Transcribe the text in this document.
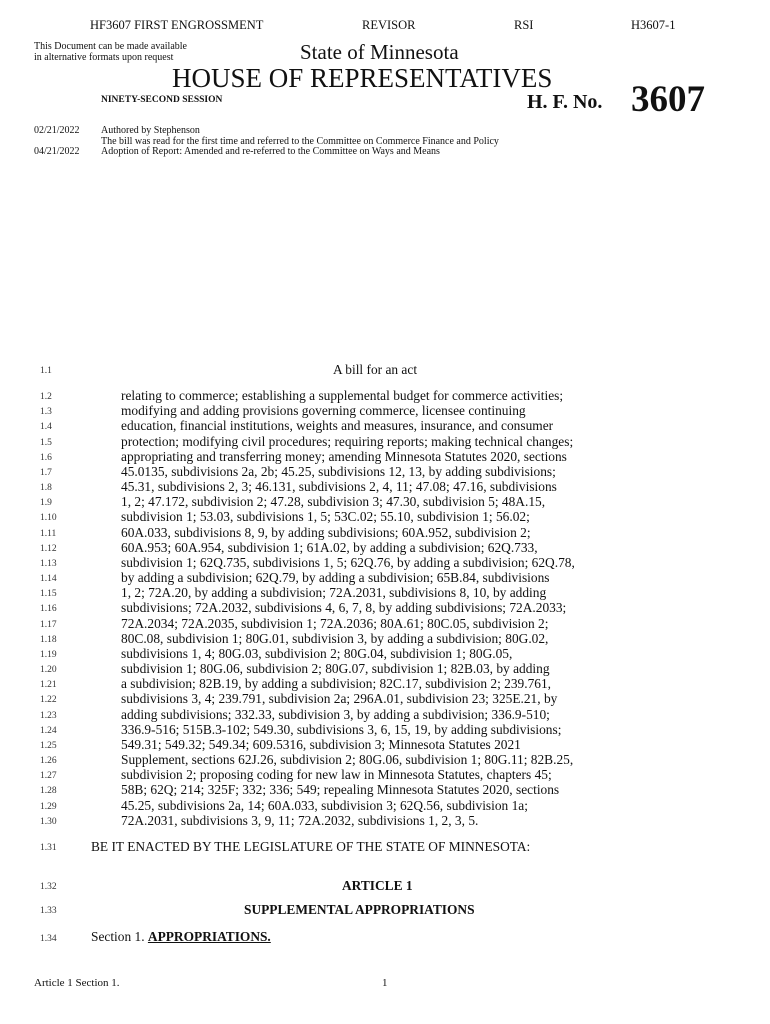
HF3607 FIRST ENGROSSMENT	REVISOR	RSI	H3607-1
This Document can be made available
in alternative formats upon request	State of Minnesota
HOUSE OF REPRESENTATIVES
NINETY-SECOND SESSION	H. F. No. 3607
02/21/2022 Authored by Stephenson
The bill was read for the first time and referred to the Committee on Commerce Finance and Policy
04/21/2022 Adoption of Report: Amended and re-referred to the Committee on Ways and Means
1.1	A bill for an act
1.2	relating to commerce; establishing a supplemental budget for commerce activities;
1.3	modifying and adding provisions governing commerce, licensee continuing
1.4	education, financial institutions, weights and measures, insurance, and consumer
1.5	protection; modifying civil procedures; requiring reports; making technical changes;
1.6	appropriating and transferring money; amending Minnesota Statutes 2020, sections
1.7	45.0135, subdivisions 2a, 2b; 45.25, subdivisions 12, 13, by adding subdivisions;
1.8	45.31, subdivisions 2, 3; 46.131, subdivisions 2, 4, 11; 47.08; 47.16, subdivisions
1.9	1, 2; 47.172, subdivision 2; 47.28, subdivision 3; 47.30, subdivision 5; 48A.15,
1.10	subdivision 1; 53.03, subdivisions 1, 5; 53C.02; 55.10, subdivision 1; 56.02;
1.11	60A.033, subdivisions 8, 9, by adding subdivisions; 60A.952, subdivision 2;
1.12	60A.953; 60A.954, subdivision 1; 61A.02, by adding a subdivision; 62Q.733,
1.13	subdivision 1; 62Q.735, subdivisions 1, 5; 62Q.76, by adding a subdivision; 62Q.78,
1.14	by adding a subdivision; 62Q.79, by adding a subdivision; 65B.84, subdivisions
1.15	1, 2; 72A.20, by adding a subdivision; 72A.2031, subdivisions 8, 10, by adding
1.16	subdivisions; 72A.2032, subdivisions 4, 6, 7, 8, by adding subdivisions; 72A.2033;
1.17	72A.2034; 72A.2035, subdivision 1; 72A.2036; 80A.61; 80C.05, subdivision 2;
1.18	80C.08, subdivision 1; 80G.01, subdivision 3, by adding a subdivision; 80G.02,
1.19	subdivisions 1, 4; 80G.03, subdivision 2; 80G.04, subdivision 1; 80G.05,
1.20	subdivision 1; 80G.06, subdivision 2; 80G.07, subdivision 1; 82B.03, by adding
1.21	a subdivision; 82B.19, by adding a subdivision; 82C.17, subdivision 2; 239.761,
1.22	subdivisions 3, 4; 239.791, subdivision 2a; 296A.01, subdivision 23; 325E.21, by
1.23	adding subdivisions; 332.33, subdivision 3, by adding a subdivision; 336.9-510;
1.24	336.9-516; 515B.3-102; 549.30, subdivisions 3, 6, 15, 19, by adding subdivisions;
1.25	549.31; 549.32; 549.34; 609.5316, subdivision 3; Minnesota Statutes 2021
1.26	Supplement, sections 62J.26, subdivision 2; 80G.06, subdivision 1; 80G.11; 82B.25,
1.27	subdivision 2; proposing coding for new law in Minnesota Statutes, chapters 45;
1.28	58B; 62Q; 214; 325F; 332; 336; 549; repealing Minnesota Statutes 2020, sections
1.29	45.25, subdivisions 2a, 14; 60A.033, subdivision 3; 62Q.56, subdivision 1a;
1.30	72A.2031, subdivisions 3, 9, 11; 72A.2032, subdivisions 1, 2, 3, 5.
1.31	BE IT ENACTED BY THE LEGISLATURE OF THE STATE OF MINNESOTA:
1.32	ARTICLE 1
1.33	SUPPLEMENTAL APPROPRIATIONS
1.34	Section 1. APPROPRIATIONS.
Article 1 Section 1.	1
